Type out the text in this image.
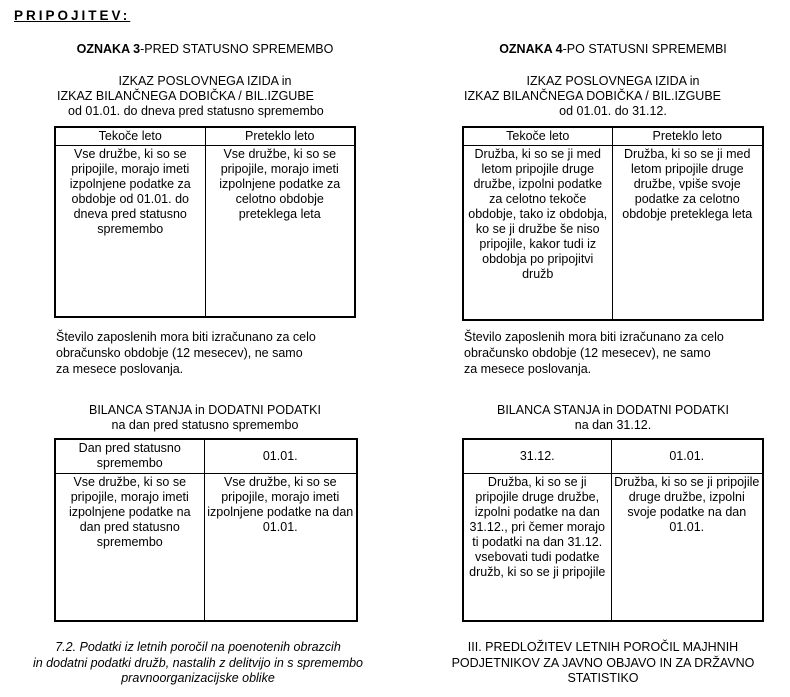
PRIPOJITEV:
OZNAKA 3-PRED STATUSNO SPREMEMBO
IZKAZ POSLOVNEGA IZIDA in
IZKAZ BILANČNEGA DOBIČKA / BIL.IZGUBE
od 01.01. do dneva pred statusno spremembo
Tekoče leto	Preteklo leto
Vse družbe, ki so se pripojile, morajo imeti izpolnjene podatke za obdobje od 01.01. do dneva pred statusno spremembo	Vse družbe, ki so se pripojile, morajo imeti izpolnjene podatke za celotno obdobje preteklega leta
Število zaposlenih mora biti izračunano za celo
obračunsko obdobje (12 mesecev), ne samo
za mesece poslovanja.
BILANCA STANJA in DODATNI PODATKI
na dan pred statusno spremembo
Dan pred statusno spremembo	01.01.
Vse družbe, ki so se pripojile, morajo imeti izpolnjene podatke na dan pred statusno spremembo	Vse družbe, ki so se pripojile, morajo imeti izpolnjene podatke na dan 01.01.
7.2. Podatki iz letnih poročil na poenotenih obrazcih
in dodatni podatki družb, nastalih z delitvijo in s spremembo
pravnoorganizacijske oblike
OZNAKA 4-PO STATUSNI SPREMEMBI
IZKAZ POSLOVNEGA IZIDA in
IZKAZ BILANČNEGA DOBIČKA / BIL.IZGUBE
od 01.01. do 31.12.
Tekoče leto	Preteklo leto
Družba, ki so se ji med letom pripojile druge družbe, izpolni podatke za celotno tekoče obdobje, tako iz obdobja, ko se ji družbe še niso pripojile, kakor tudi iz obdobja po pripojitvi družb	Družba, ki so se ji med letom pripojile druge družbe, vpiše svoje podatke za celotno obdobje preteklega leta
Število zaposlenih mora biti izračunano za celo
obračunsko obdobje (12 mesecev), ne samo
za mesece poslovanja.
BILANCA STANJA in DODATNI PODATKI
na dan 31.12.
31.12.	01.01.
Družba, ki so se ji pripojile druge družbe, izpolni podatke na dan 31.12., pri čemer morajo ti podatki na dan 31.12. vsebovati tudi podatke družb, ki so se ji pripojile	Družba, ki so se ji pripojile druge družbe, izpolni svoje podatke na dan 01.01.
III. PREDLOŽITEV LETNIH POROČIL MAJHNIH
PODJETNIKOV ZA JAVNO OBJAVO IN ZA DRŽAVNO
STATISTIKO
